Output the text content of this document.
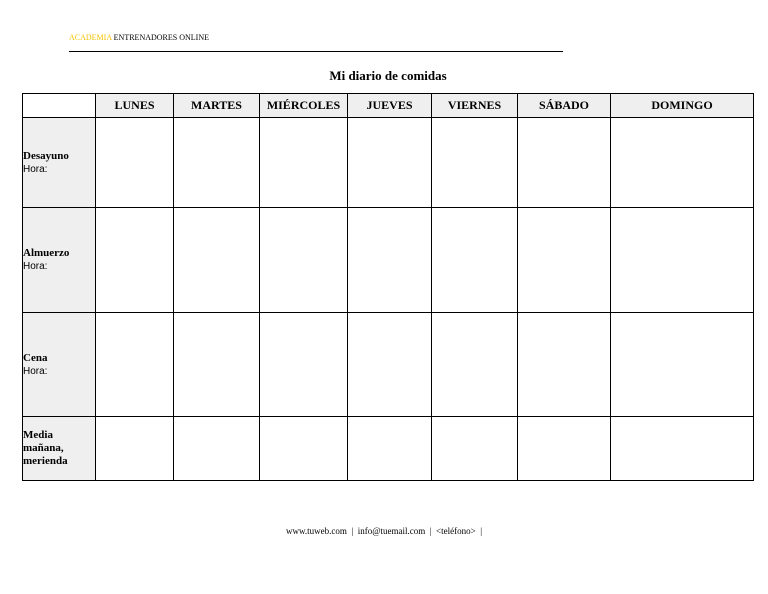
ACADEMIA ENTRENADORES ONLINE
Mi diario de comidas
	LUNES	MARTES	MIÉRCOLES	JUEVES	VIERNES	SÁBADO	DOMINGO

Desayuno
Hora:							

Almuerzo
Hora:							

Cena
Hora:							

Media mañana, merienda							

www.tuweb.com  |  info@tuemail.com  |  <teléfono>  |
